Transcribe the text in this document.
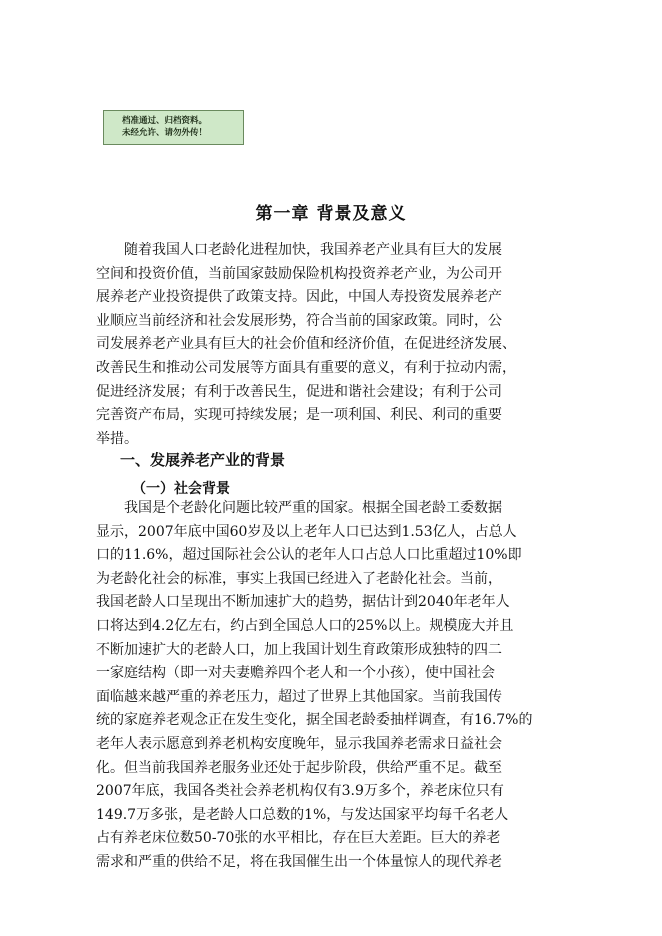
档准通过、归档资料。
未经允许、请勿外传！
第一章 背景及意义
　　随着我国人口老龄化进程加快，我国养老产业具有巨大的发展
空间和投资价值，当前国家鼓励保险机构投资养老产业，为公司开
展养老产业投资提供了政策支持。因此，中国人寿投资发展养老产
业顺应当前经济和社会发展形势，符合当前的国家政策。同时，公
司发展养老产业具有巨大的社会价值和经济价值，在促进经济发展、
改善民生和推动公司发展等方面具有重要的意义，有利于拉动内需，
促进经济发展；有利于改善民生，促进和谐社会建设；有利于公司
完善资产布局，实现可持续发展；是一项利国、利民、利司的重要
举措。
一、发展养老产业的背景
（一）社会背景
　　我国是个老龄化问题比较严重的国家。根据全国老龄工委数据
显示，2007年底中国60岁及以上老年人口已达到1.53亿人，占总人
口的11.6%，超过国际社会公认的老年人口占总人口比重超过10%即
为老龄化社会的标准，事实上我国已经进入了老龄化社会。当前，
我国老龄人口呈现出不断加速扩大的趋势，据估计到2040年老年人
口将达到4.2亿左右，约占到全国总人口的25%以上。规模庞大并且
不断加速扩大的老龄人口，加上我国计划生育政策形成独特的四二
一家庭结构（即一对夫妻赡养四个老人和一个小孩），使中国社会
面临越来越严重的养老压力，超过了世界上其他国家。当前我国传
统的家庭养老观念正在发生变化，据全国老龄委抽样调查，有16.7%的
老年人表示愿意到养老机构安度晚年，显示我国养老需求日益社会
化。但当前我国养老服务业还处于起步阶段，供给严重不足。截至
2007年底，我国各类社会养老机构仅有3.9万多个，养老床位只有
149.7万多张，是老龄人口总数的1%，与发达国家平均每千名老人
占有养老床位数50-70张的水平相比，存在巨大差距。巨大的养老
需求和严重的供给不足，将在我国催生出一个体量惊人的现代养老
